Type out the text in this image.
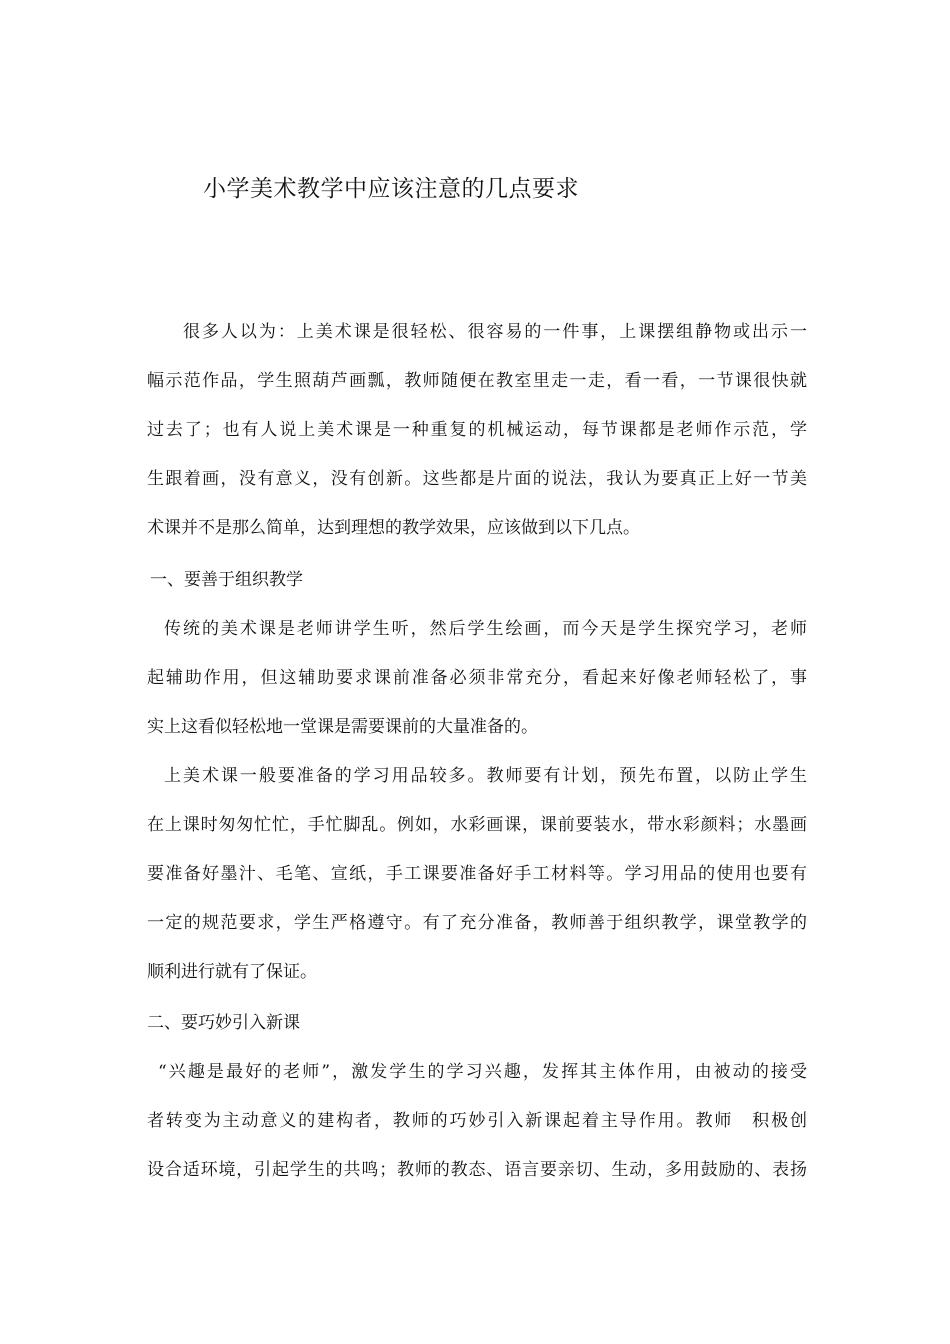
小学美术教学中应该注意的几点要求
很多人以为：上美术课是很轻松、很容易的一件事，上课摆组静物或出示一
幅示范作品，学生照葫芦画瓢，教师随便在教室里走一走，看一看，一节课很快就
过去了；也有人说上美术课是一种重复的机械运动，每节课都是老师作示范，学
生跟着画，没有意义，没有创新。这些都是片面的说法，我认为要真正上好一节美
术课并不是那么简单，达到理想的教学效果，应该做到以下几点。
一、要善于组织教学
传统的美术课是老师讲学生听，然后学生绘画，而今天是学生探究学习，老师
起辅助作用，但这辅助要求课前准备必须非常充分，看起来好像老师轻松了，事
实上这看似轻松地一堂课是需要课前的大量准备的。
上美术课一般要准备的学习用品较多。教师要有计划，预先布置，以防止学生
在上课时匆匆忙忙，手忙脚乱。例如，水彩画课，课前要装水，带水彩颜料；水墨画
要准备好墨汁、毛笔、宣纸，手工课要准备好手工材料等。学习用品的使用也要有
一定的规范要求，学生严格遵守。有了充分准备，教师善于组织教学，课堂教学的
顺利进行就有了保证。
二、要巧妙引入新课
“兴趣是最好的老师”，激发学生的学习兴趣，发挥其主体作用，由被动的接受
者转变为主动意义的建构者，教师的巧妙引入新课起着主导作用。教师　积极创
设合适环境，引起学生的共鸣；教师的教态、语言要亲切、生动，多用鼓励的、表扬
